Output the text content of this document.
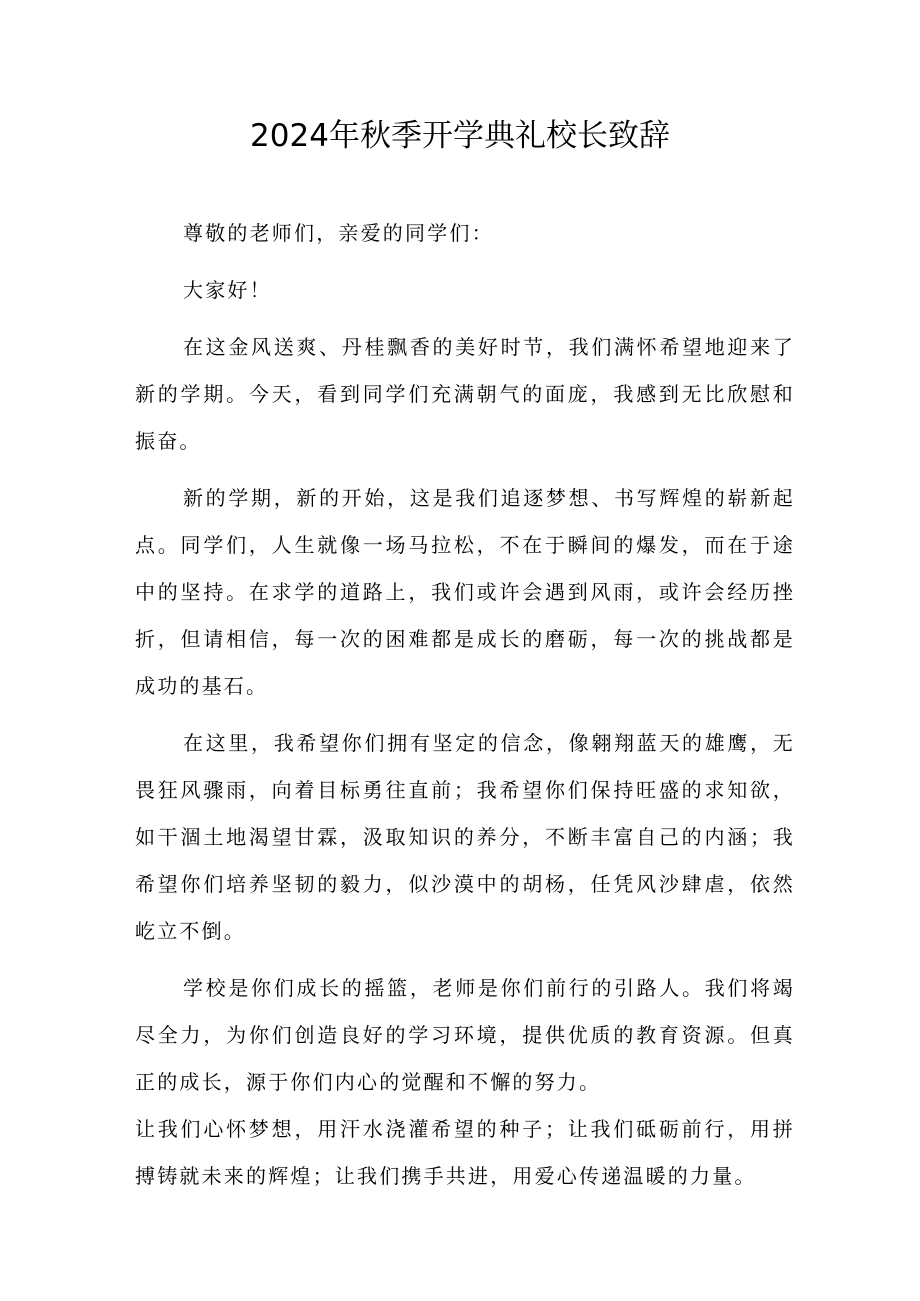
2024年秋季开学典礼校长致辞

尊敬的老师们，亲爱的同学们：

大家好！

在这金风送爽、丹桂飘香的美好时节，我们满怀希望地迎来了新的学期。今天，看到同学们充满朝气的面庞，我感到无比欣慰和振奋。

新的学期，新的开始，这是我们追逐梦想、书写辉煌的崭新起点。同学们，人生就像一场马拉松，不在于瞬间的爆发，而在于途中的坚持。在求学的道路上，我们或许会遇到风雨，或许会经历挫折，但请相信，每一次的困难都是成长的磨砺，每一次的挑战都是成功的基石。

在这里，我希望你们拥有坚定的信念，像翱翔蓝天的雄鹰，无畏狂风骤雨，向着目标勇往直前；我希望你们保持旺盛的求知欲，如干涸土地渴望甘霖，汲取知识的养分，不断丰富自己的内涵；我希望你们培养坚韧的毅力，似沙漠中的胡杨，任凭风沙肆虐，依然屹立不倒。

学校是你们成长的摇篮，老师是你们前行的引路人。我们将竭尽全力，为你们创造良好的学习环境，提供优质的教育资源。但真正的成长，源于你们内心的觉醒和不懈的努力。

让我们心怀梦想，用汗水浇灌希望的种子；让我们砥砺前行，用拼搏铸就未来的辉煌；让我们携手共进，用爱心传递温暖的力量。
